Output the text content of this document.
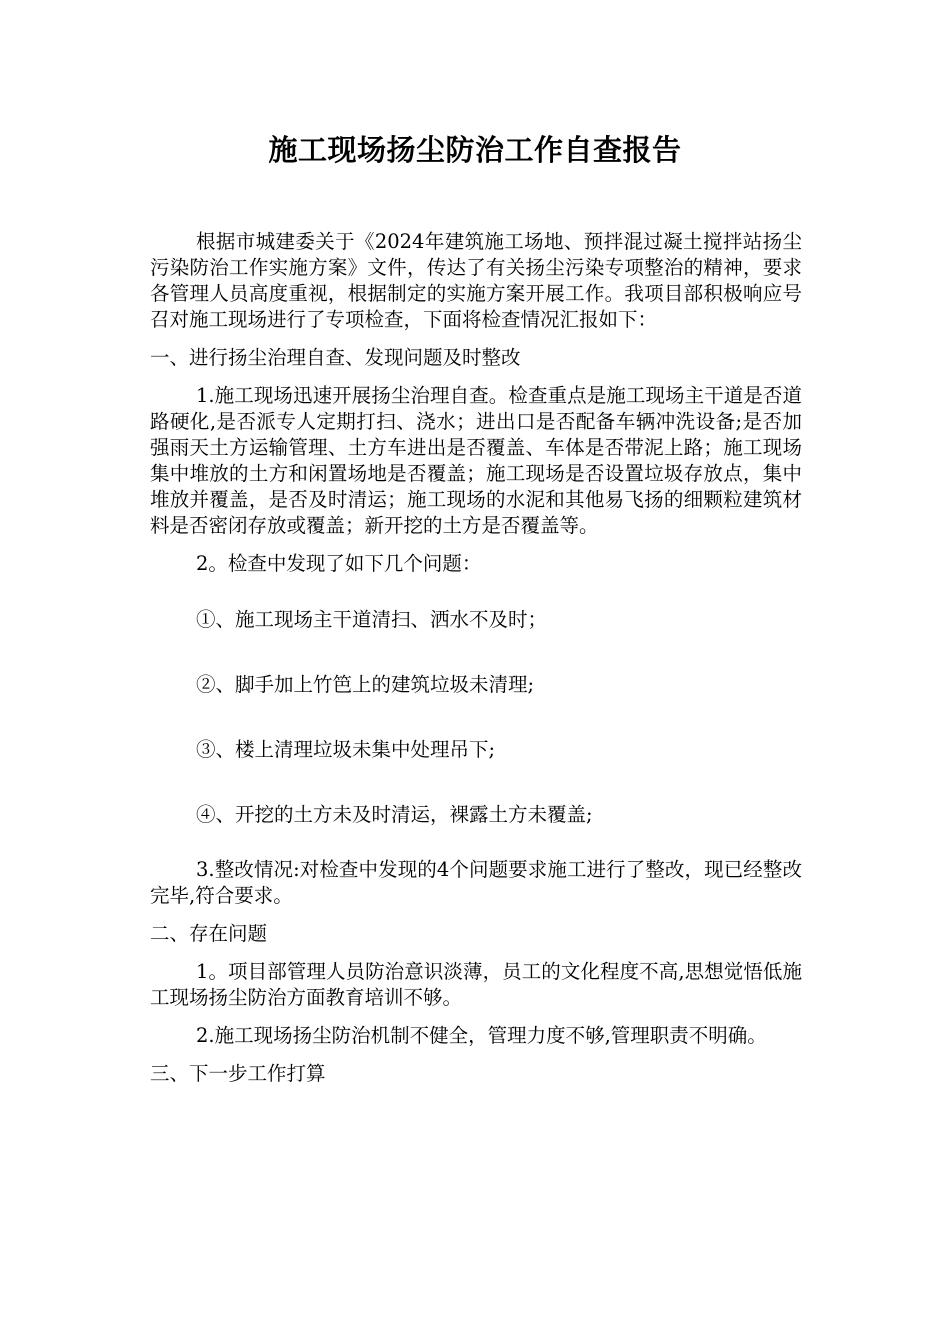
施工现场扬尘防治工作自查报告

根据市城建委关于《2024年建筑施工场地、预拌混过凝土搅拌站扬尘污染防治工作实施方案》文件，传达了有关扬尘污染专项整治的精神，要求各管理人员高度重视，根据制定的实施方案开展工作。我项目部积极响应号召对施工现场进行了专项检查，下面将检查情况汇报如下：

一、进行扬尘治理自查、发现问题及时整改

1.施工现场迅速开展扬尘治理自查。检查重点是施工现场主干道是否道路硬化,是否派专人定期打扫、浇水；进出口是否配备车辆冲洗设备;是否加强雨天土方运输管理、土方车进出是否覆盖、车体是否带泥上路；施工现场集中堆放的土方和闲置场地是否覆盖；施工现场是否设置垃圾存放点，集中堆放并覆盖，是否及时清运；施工现场的水泥和其他易飞扬的细颗粒建筑材料是否密闭存放或覆盖；新开挖的土方是否覆盖等。

2。检查中发现了如下几个问题：

①、施工现场主干道清扫、洒水不及时；

②、脚手加上竹笆上的建筑垃圾未清理;

③、楼上清理垃圾未集中处理吊下;

④、开挖的土方未及时清运，裸露土方未覆盖;

3.整改情况:对检查中发现的4个问题要求施工进行了整改，现已经整改完毕,符合要求。

二、存在问题

1。项目部管理人员防治意识淡薄，员工的文化程度不高,思想觉悟低施工现场扬尘防治方面教育培训不够。

2.施工现场扬尘防治机制不健全，管理力度不够,管理职责不明确。

三、下一步工作打算
